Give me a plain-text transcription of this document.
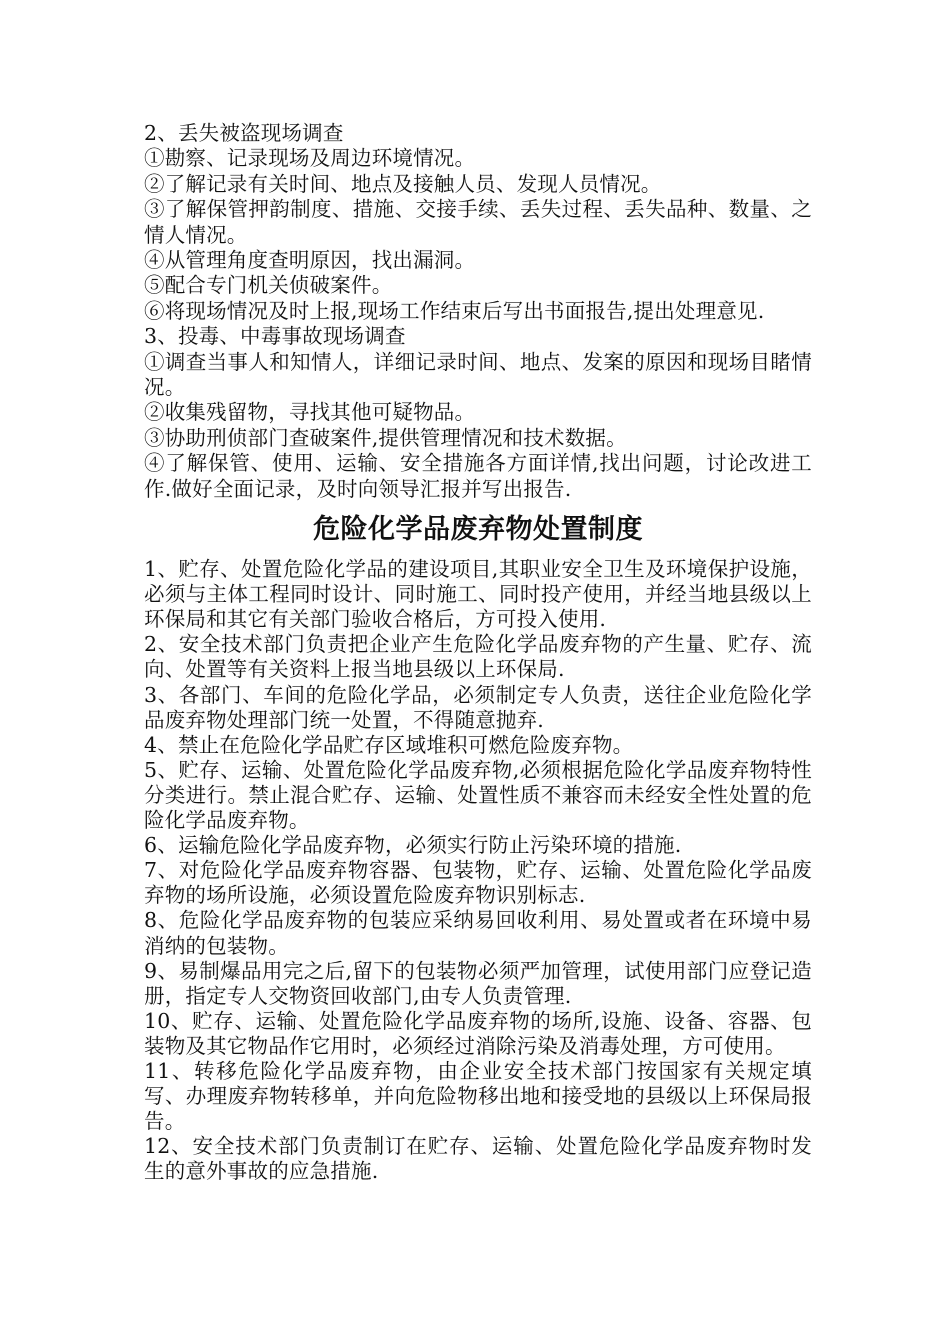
2、丢失被盗现场调查

①勘察、记录现场及周边环境情况。

②了解记录有关时间、地点及接触人员、发现人员情况。

③了解保管押韵制度、措施、交接手续、丢失过程、丢失品种、数量、之情人情况。

④从管理角度查明原因，找出漏洞。

⑤配合专门机关侦破案件。

⑥将现场情况及时上报,现场工作结束后写出书面报告,提出处理意见.

3、投毒、中毒事故现场调查

①调查当事人和知情人，详细记录时间、地点、发案的原因和现场目睹情况。

②收集残留物，寻找其他可疑物品。

③协助刑侦部门查破案件,提供管理情况和技术数据。

④了解保管、使用、运输、安全措施各方面详情,找出问题，讨论改进工作.做好全面记录，及时向领导汇报并写出报告.

危险化学品废弃物处置制度

1、贮存、处置危险化学品的建设项目,其职业安全卫生及环境保护设施，必须与主体工程同时设计、同时施工、同时投产使用，并经当地县级以上环保局和其它有关部门验收合格后，方可投入使用.

2、安全技术部门负责把企业产生危险化学品废弃物的产生量、贮存、流向、处置等有关资料上报当地县级以上环保局.

3、各部门、车间的危险化学品，必须制定专人负责，送往企业危险化学品废弃物处理部门统一处置，不得随意抛弃.

4、禁止在危险化学品贮存区域堆积可燃危险废弃物。

5、贮存、运输、处置危险化学品废弃物,必须根据危险化学品废弃物特性分类进行。禁止混合贮存、运输、处置性质不兼容而未经安全性处置的危险化学品废弃物。

6、运输危险化学品废弃物，必须实行防止污染环境的措施.

7、对危险化学品废弃物容器、包装物，贮存、运输、处置危险化学品废弃物的场所设施，必须设置危险废弃物识别标志.

8、危险化学品废弃物的包装应采纳易回收利用、易处置或者在环境中易消纳的包装物。

9、易制爆品用完之后,留下的包装物必须严加管理，试使用部门应登记造册，指定专人交物资回收部门,由专人负责管理.

10、贮存、运输、处置危险化学品废弃物的场所,设施、设备、容器、包装物及其它物品作它用时，必须经过消除污染及消毒处理，方可使用。

11、转移危险化学品废弃物，由企业安全技术部门按国家有关规定填写、办理废弃物转移单，并向危险物移出地和接受地的县级以上环保局报告。

12、安全技术部门负责制订在贮存、运输、处置危险化学品废弃物时发生的意外事故的应急措施.
